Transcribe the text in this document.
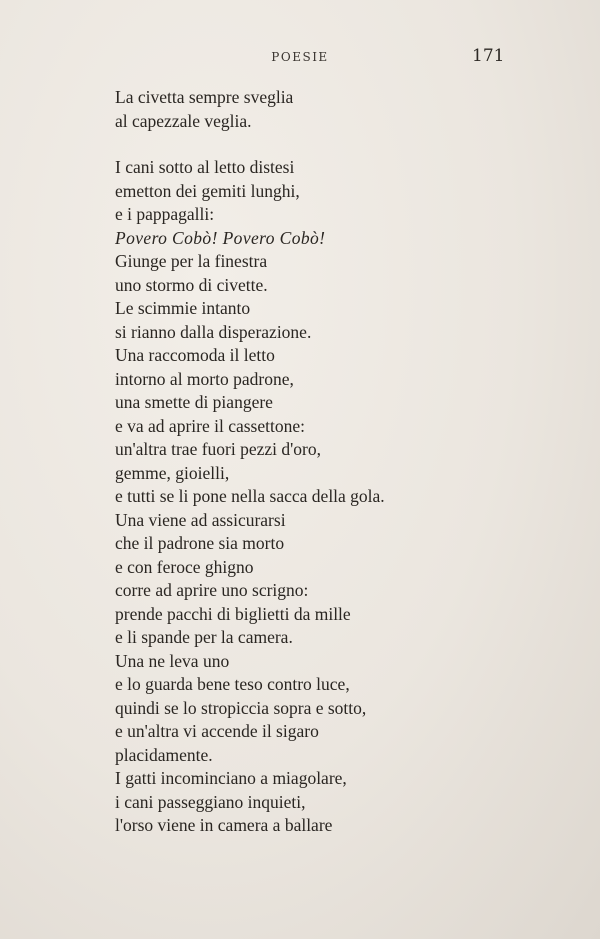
POESIE	171
La civetta sempre sveglia
al capezzale veglia.
I cani sotto al letto distesi
emetton dei gemiti lunghi,
e i pappagalli:
Povero Cobò! Povero Cobò!
Giunge per la finestra
uno stormo di civette.
Le scimmie intanto
si rianno dalla disperazione.
Una raccomoda il letto
intorno al morto padrone,
una smette di piangere
e va ad aprire il cassettone:
un'altra trae fuori pezzi d'oro,
gemme, gioielli,
e tutti se li pone nella sacca della gola.
Una viene ad assicurarsi
che il padrone sia morto
e con feroce ghigno
corre ad aprire uno scrigno:
prende pacchi di biglietti da mille
e li spande per la camera.
Una ne leva uno
e lo guarda bene teso contro luce,
quindi se lo stropiccia sopra e sotto,
e un'altra vi accende il sigaro
placidamente.
I gatti incominciano a miagolare,
i cani passeggiano inquieti,
l'orso viene in camera a ballare
